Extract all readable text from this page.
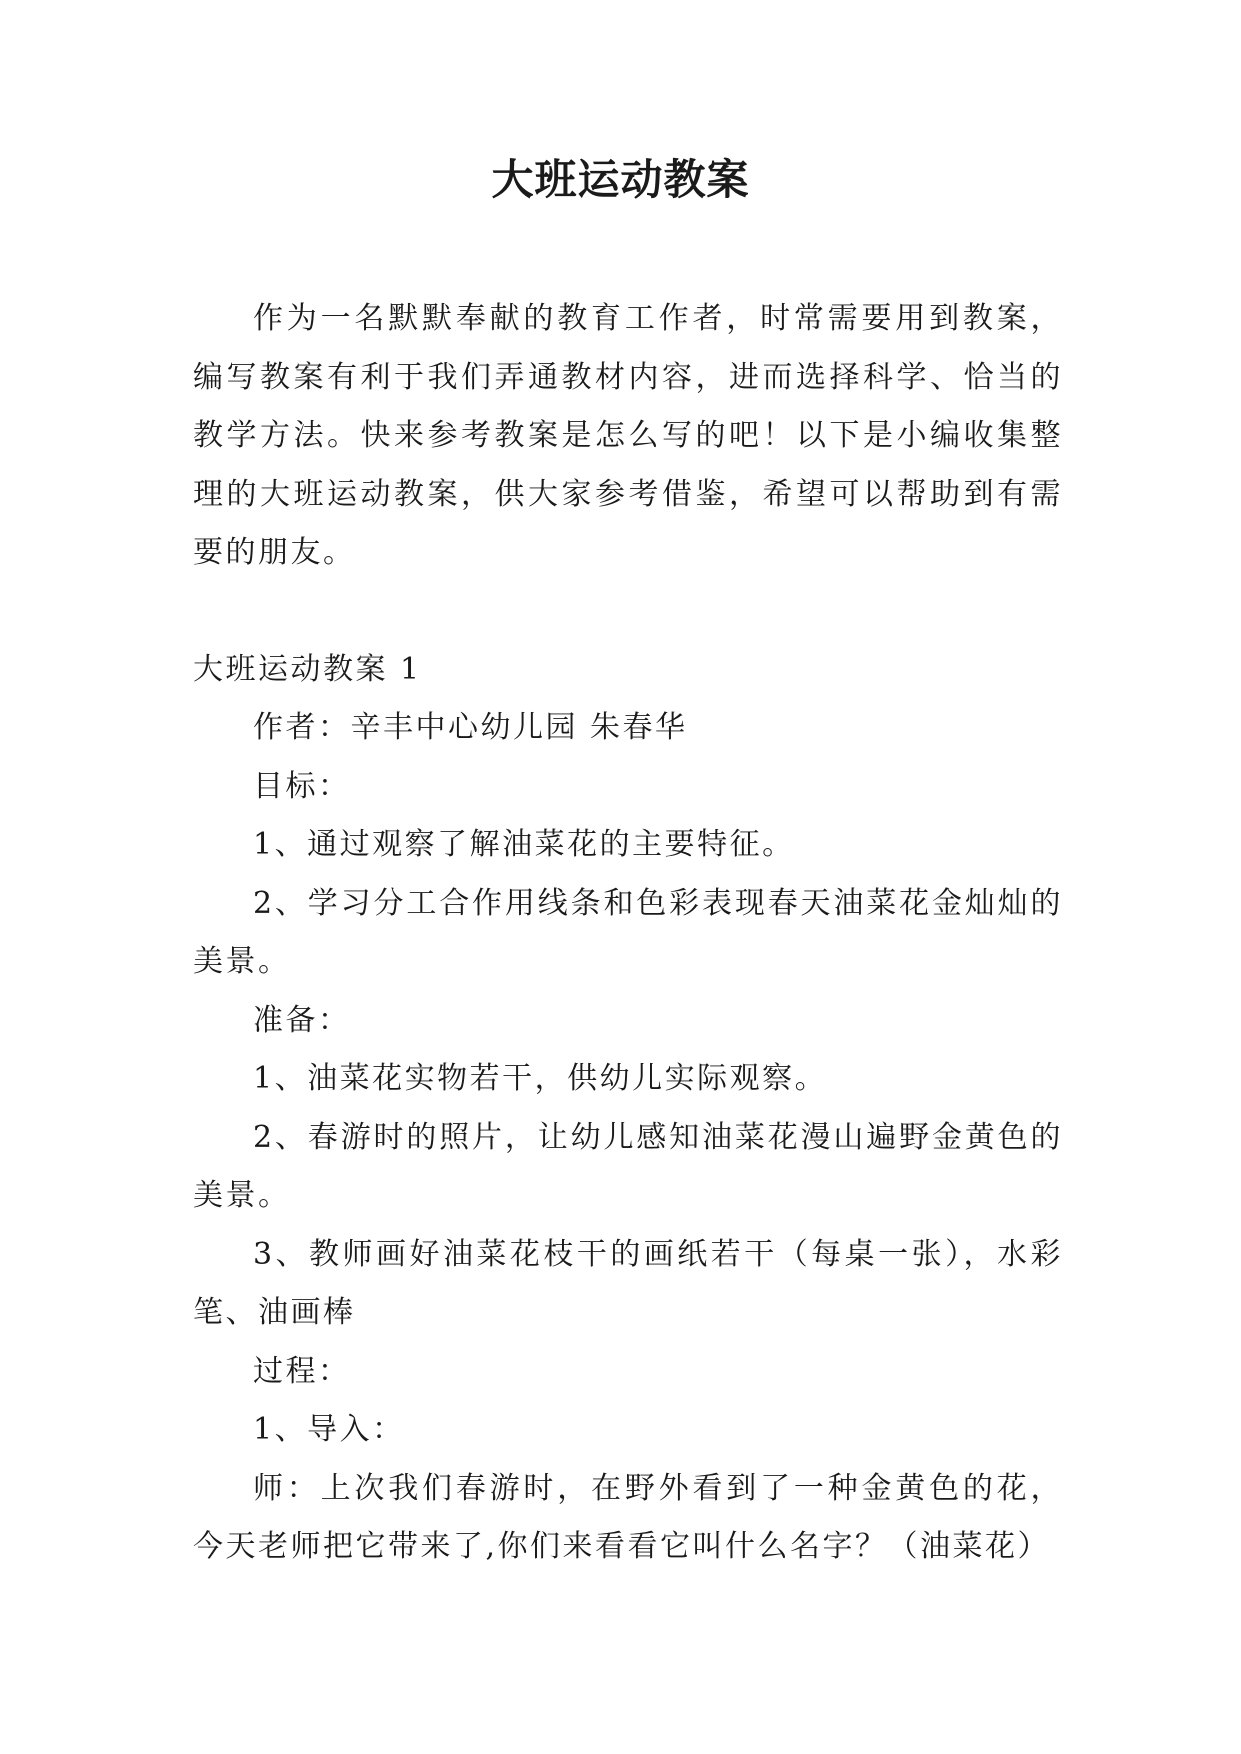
大班运动教案

作为一名默默奉献的教育工作者，时常需要用到教案，编写教案有利于我们弄通教材内容，进而选择科学、恰当的教学方法。快来参考教案是怎么写的吧！以下是小编收集整理的大班运动教案，供大家参考借鉴，希望可以帮助到有需要的朋友。

大班运动教案 1

作者：辛丰中心幼儿园 朱春华

目标：

1、通过观察了解油菜花的主要特征。

2、学习分工合作用线条和色彩表现春天油菜花金灿灿的美景。

准备：

1、油菜花实物若干，供幼儿实际观察。

2、春游时的照片，让幼儿感知油菜花漫山遍野金黄色的美景。

3、教师画好油菜花枝干的画纸若干（每桌一张），水彩笔、油画棒

过程：

1、导入：

师：上次我们春游时，在野外看到了一种金黄色的花，今天老师把它带来了,你们来看看它叫什么名字？（油菜花）
